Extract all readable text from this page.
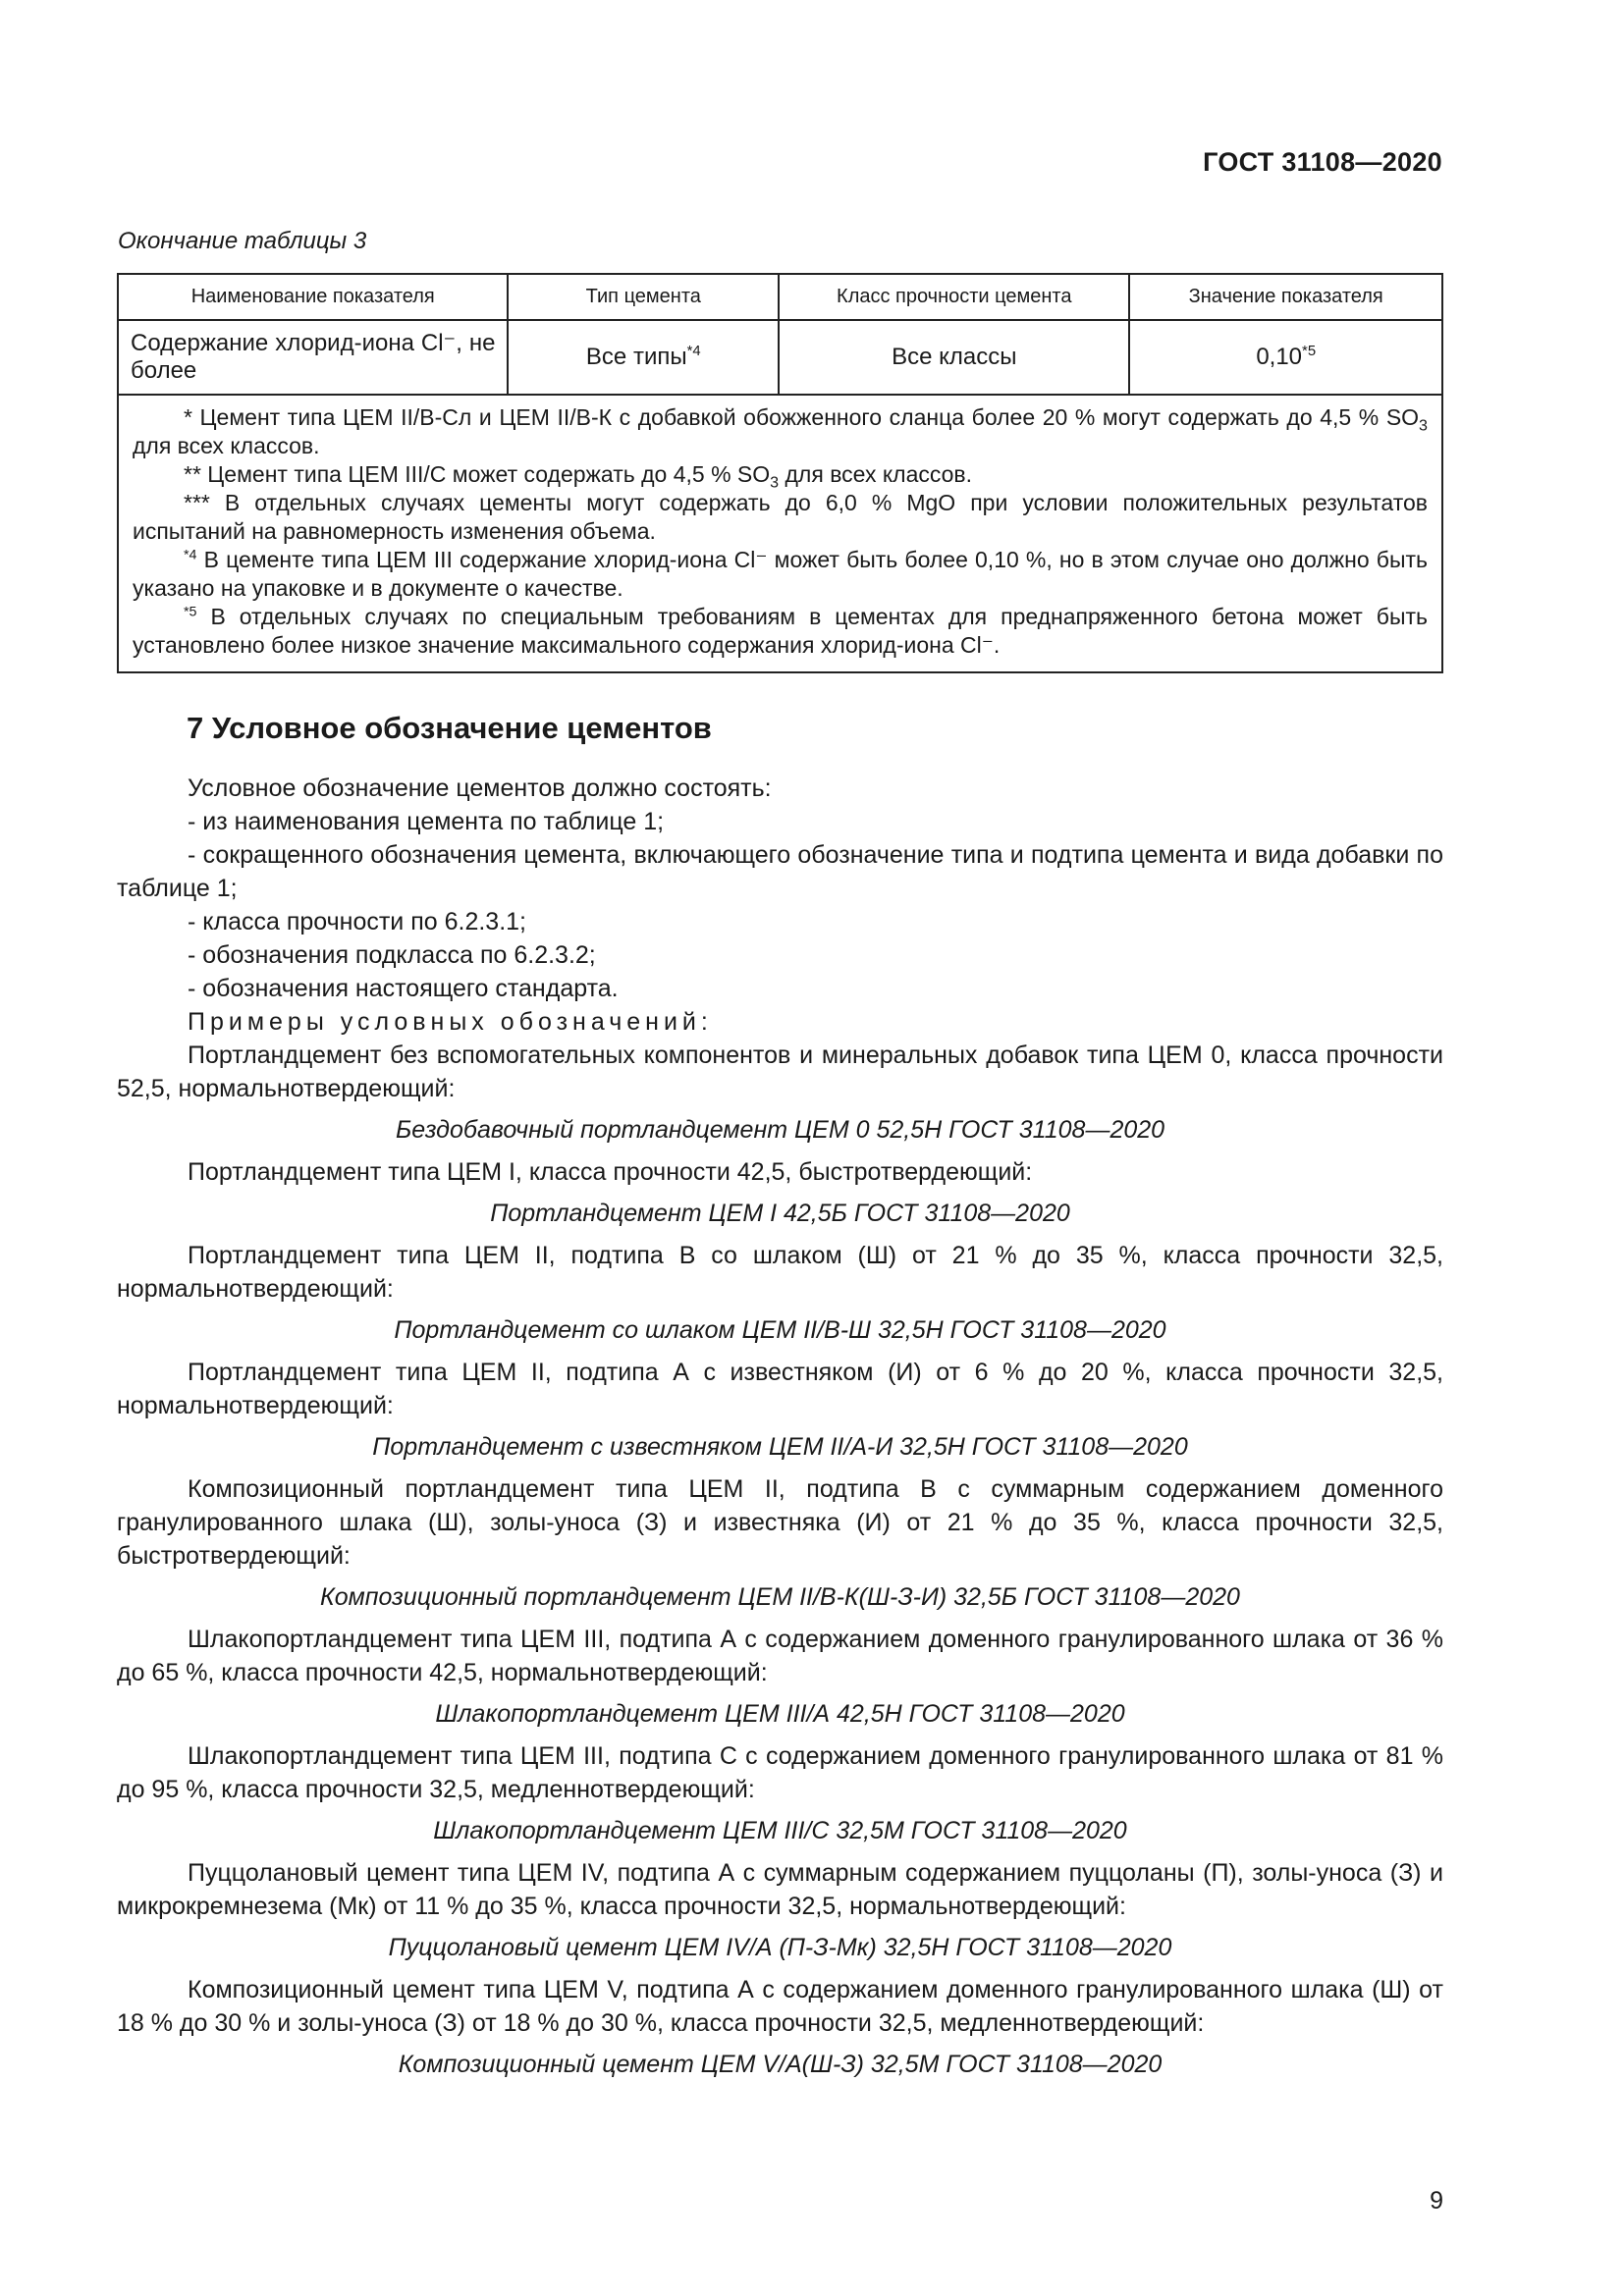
ГОСТ 31108—2020
Окончание таблицы 3
Наименование показателя	Тип цемента	Класс прочности цемента	Значение показателя
Содержание хлорид-иона Cl⁻, не более	Все типы$^{*4}$	Все классы	0,10$^{*5}$

* Цемент типа ЦЕМ II/В-Сл и ЦЕМ II/В-К с добавкой обожженного сланца более 20 % могут содержать до 4,5 % $SO_3$ для всех классов.

** Цемент типа ЦЕМ III/С может содержать до 4,5 % $SO_3$ для всех классов.

*** В отдельных случаях цементы могут содержать до 6,0 % MgO при условии положительных результатов испытаний на равномерность изменения объема.

$^{*4}$ В цементе типа ЦЕМ III содержание хлорид-иона Cl⁻ может быть более 0,10 %, но в этом случае оно должно быть указано на упаковке и в документе о качестве.

$^{*5}$ В отдельных случаях по специальным требованиям в цементах для преднапряженного бетона может быть установлено более низкое значение максимального содержания хлорид-иона Cl⁻.			

7 Условное обозначение цементов

Условное обозначение цементов должно состоять:

- из наименования цемента по таблице 1;

- сокращенного обозначения цемента, включающего обозначение типа и подтипа цемента и вида добавки по таблице 1;

- класса прочности по 6.2.3.1;

- обозначения подкласса по 6.2.3.2;

- обозначения настоящего стандарта.

Примеры условных обозначений:

Портландцемент без вспомогательных компонентов и минеральных добавок типа ЦЕМ 0, класса прочности 52,5, нормальнотвердеющий:

Бездобавочный портландцемент ЦЕМ 0 52,5Н ГОСТ 31108—2020

Портландцемент типа ЦЕМ I, класса прочности 42,5, быстротвердеющий:

Портландцемент ЦЕМ I 42,5Б ГОСТ 31108—2020

Портландцемент типа ЦЕМ II, подтипа В со шлаком (Ш) от 21 % до 35 %, класса прочности 32,5, нормальнотвердеющий:

Портландцемент со шлаком ЦЕМ II/В-Ш 32,5Н ГОСТ 31108—2020

Портландцемент типа ЦЕМ II, подтипа А с известняком (И) от 6 % до 20 %, класса прочности 32,5, нормальнотвердеющий:

Портландцемент с известняком ЦЕМ II/А-И 32,5Н ГОСТ 31108—2020

Композиционный портландцемент типа ЦЕМ II, подтипа В с суммарным содержанием доменного гранулированного шлака (Ш), золы-уноса (З) и известняка (И) от 21 % до 35 %, класса прочности 32,5, быстротвердеющий:

Композиционный портландцемент ЦЕМ II/В-К(Ш-З-И) 32,5Б ГОСТ 31108—2020

Шлакопортландцемент типа ЦЕМ III, подтипа А с содержанием доменного гранулированного шлака от 36 % до 65 %, класса прочности 42,5, нормальнотвердеющий:

Шлакопортландцемент ЦЕМ III/А 42,5Н ГОСТ 31108—2020

Шлакопортландцемент типа ЦЕМ III, подтипа С с содержанием доменного гранулированного шлака от 81 % до 95 %, класса прочности 32,5, медленнотвердеющий:

Шлакопортландцемент ЦЕМ III/С 32,5М ГОСТ 31108—2020

Пуццолановый цемент типа ЦЕМ IV, подтипа А с суммарным содержанием пуццоланы (П), золы-уноса (З) и микрокремнезема (Мк) от 11 % до 35 %, класса прочности 32,5, нормальнотвердеющий:

Пуццолановый цемент ЦЕМ IV/А (П-З-Мк) 32,5Н ГОСТ 31108—2020

Композиционный цемент типа ЦЕМ V, подтипа А с содержанием доменного гранулированного шлака (Ш) от 18 % до 30 % и золы-уноса (З) от 18 % до 30 %, класса прочности 32,5, медленнотвердеющий:

Композиционный цемент ЦЕМ V/А(Ш-З) 32,5М ГОСТ 31108—2020

9
